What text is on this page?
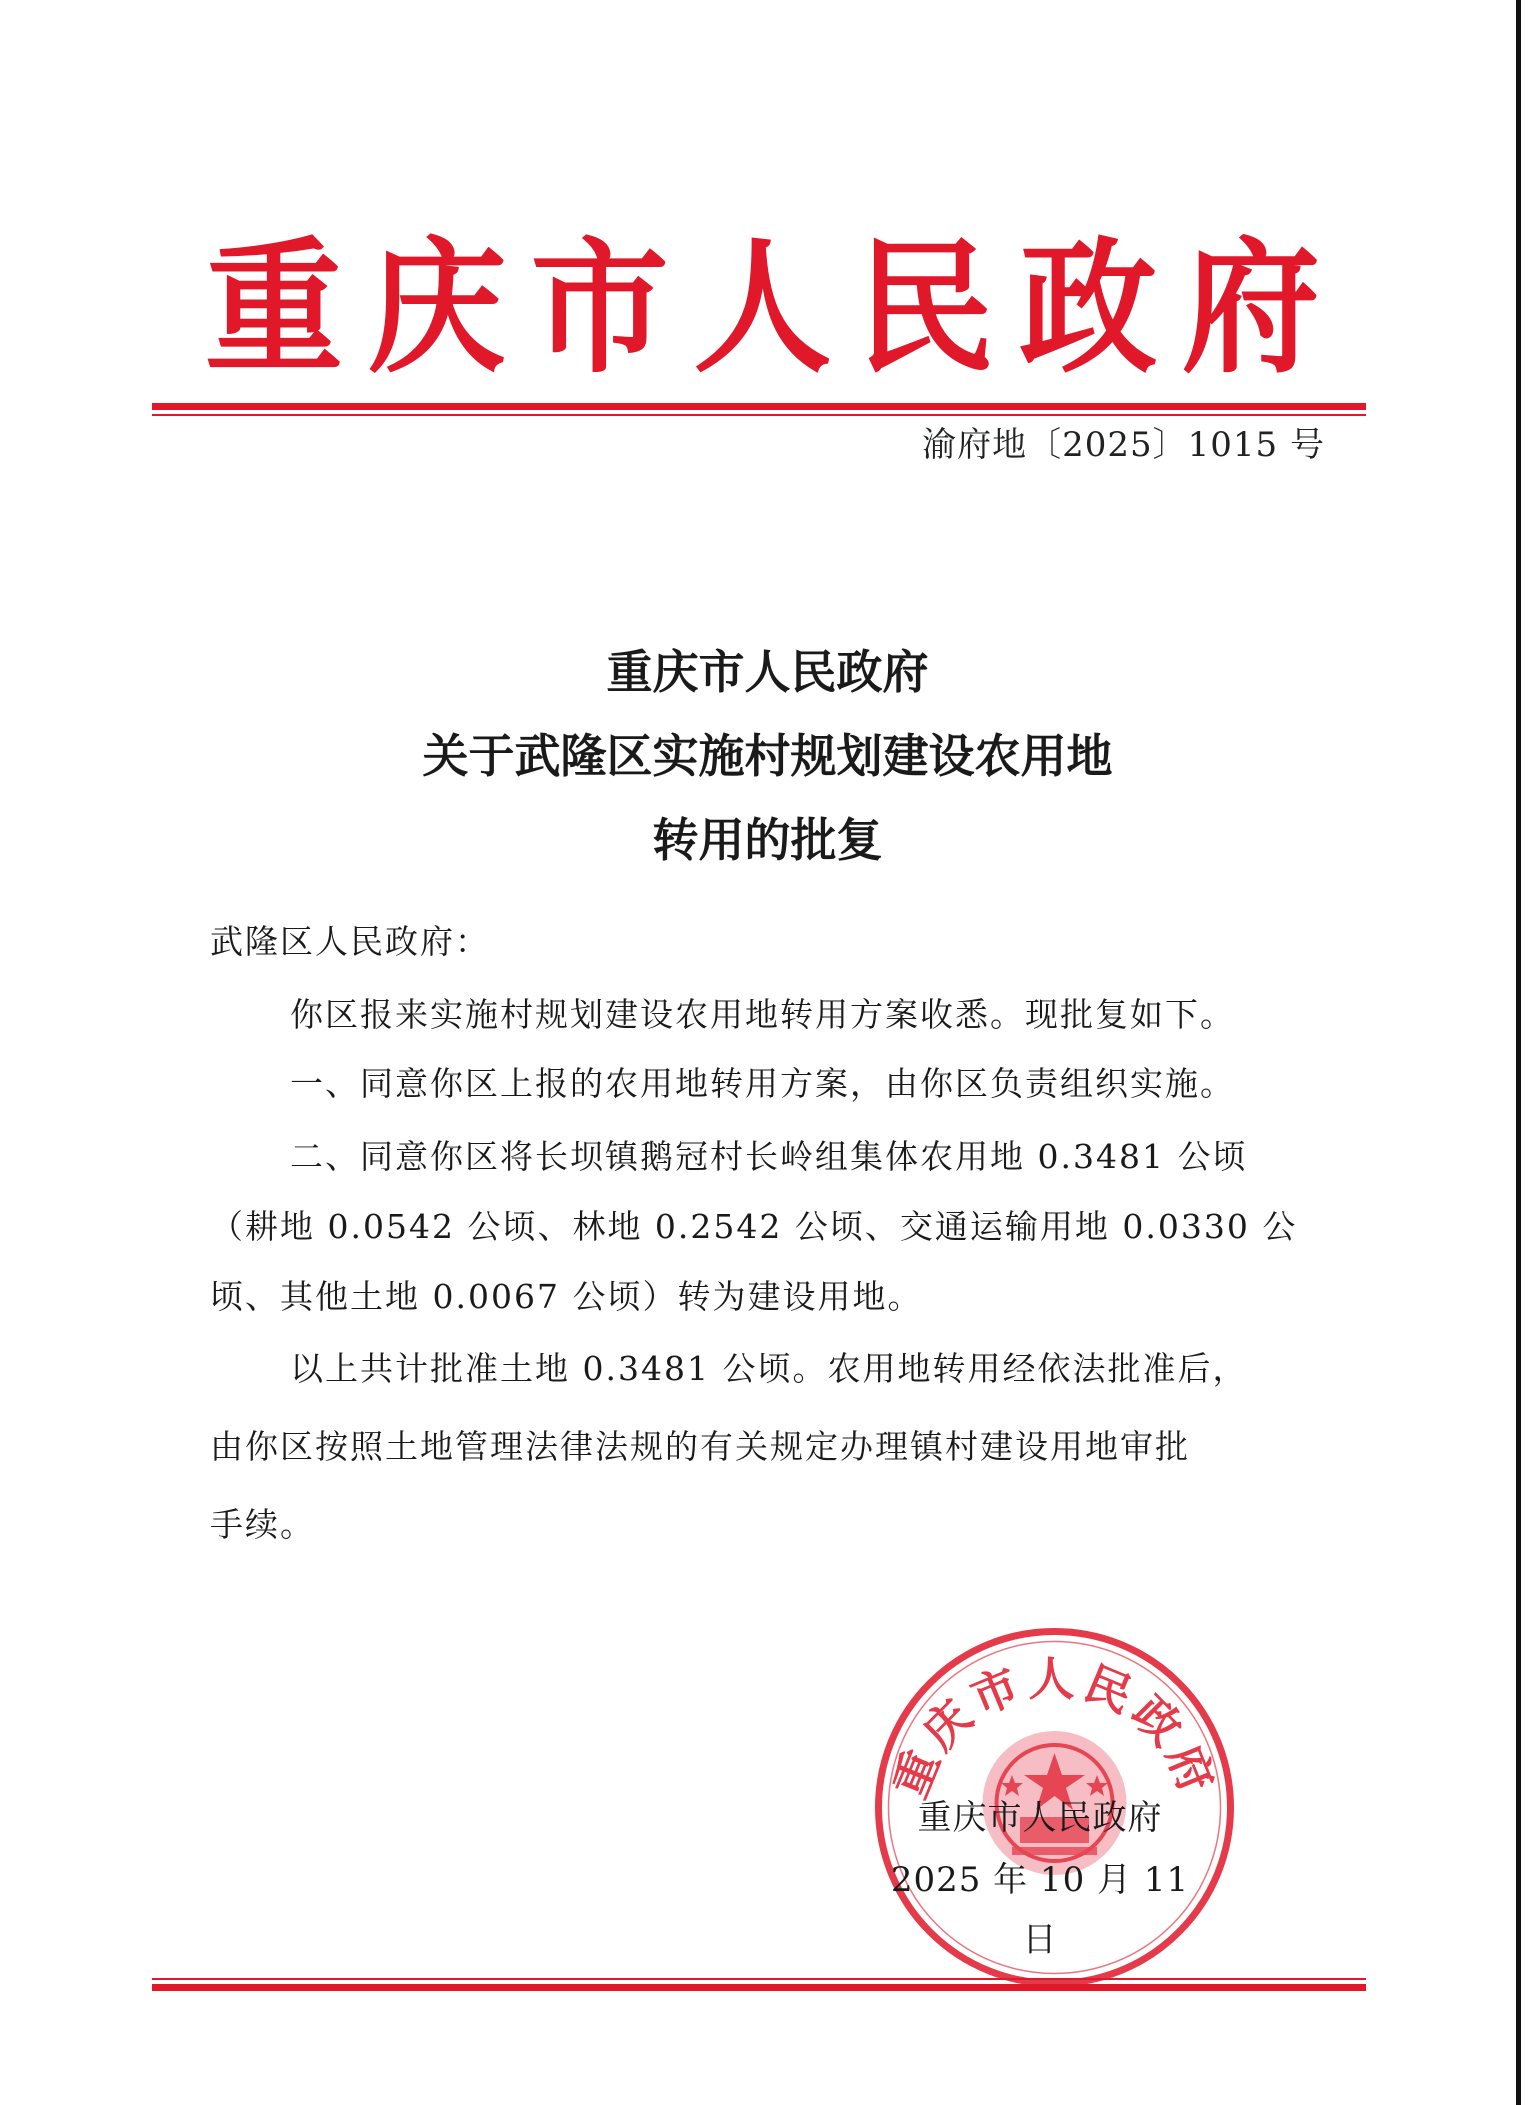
重 庆 市 人 民 政 府
渝府地〔2025〕1015 号
重庆市人民政府
关于武隆区实施村规划建设农用地
转用的批复
武隆区人民政府：
你区报来实施村规划建设农用地转用方案收悉。现批复如下。
一、同意你区上报的农用地转用方案，由你区负责组织实施。
二、同意你区将长坝镇鹅冠村长岭组集体农用地 0.3481 公顷
（耕地 0.0542 公顷、林地 0.2542 公顷、交通运输用地 0.0330 公
顷、其他土地 0.0067 公顷）转为建设用地。
以上共计批准土地 0.3481 公顷。农用地转用经依法批准后，
由你区按照土地管理法律法规的有关规定办理镇村建设用地审批
手续。
重庆市人民政府
重庆市人民政府
2025 年 10 月 11 日
